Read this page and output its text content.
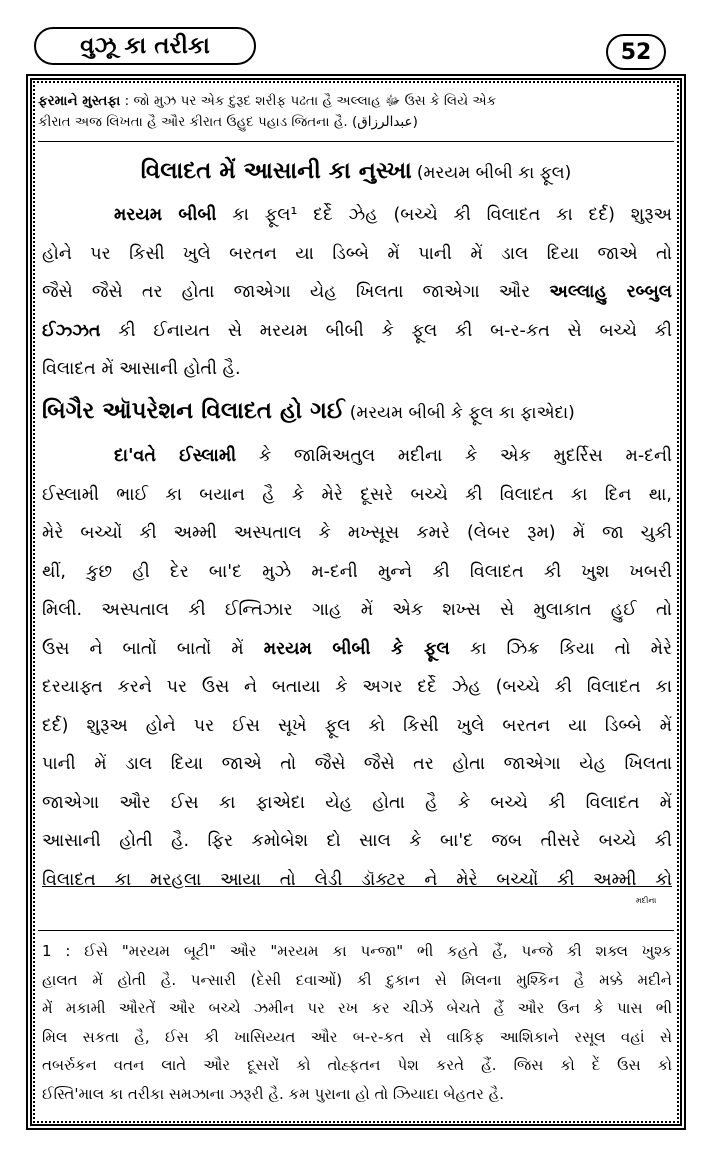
વુઝૂ કા તરીકા	52
ફરમાને મુસ્તફા : જો મુઝ પર એક દુરૂદ શરીફ પઢતા હૈ અલ્લાહ ﷻ ઉસ કે લિયે એક
કીરાત અજ લિખતા હૈ ઔર કીરાત ઉહુદ પહાડ જિતના હૈ. (عبدالرزاق)
વિલાદત મેં આસાની કા નુસ્ખા (મરયમ બીબી કા ફૂલ)
મરયમ બીબી કા ફૂલ¹ દર્દે ઝેહ (બચ્ચે કી વિલાદત કા દર્દ) શુરૂઅ
હોને પર કિસી ખુલે બરતન યા ડિબ્બે મેં પાની મેં ડાલ દિયા જાએ તો
જૈસે જૈસે તર હોતા જાએગા યેહ ખિલતા જાએગા ઔર અલ્લાહુ રબ્બુલ
ઈઝ્ઝત કી ઈનાયત સે મરયમ બીબી કે ફૂલ કી બ-ર-કત સે બચ્ચે કી
વિલાદત મેં આસાની હોતી હૈ.
બિગૈર ઑપરેશન વિલાદત હો ગઈ (મરયમ બીબી કે ફૂલ કા ફાએદા)
દા'વતે ઈસ્લામી કે જામિઅતુલ મદીના કે એક મુદર્રિસ મ-દની
ઈસ્લામી ભાઈ કા બયાન હૈ કે મેરે દૂસરે બચ્ચે કી વિલાદત કા દિન થા,
મેરે બચ્ચોં કી અમ્મી અસ્પતાલ કે મખ્સૂસ કમરે (લેબર રૂમ) મેં જા ચુકી
થીં, કુછ હી દેર બા'દ મુઝે મ-દની મુન્ને કી વિલાદત કી ખુશ ખબરી
મિલી. અસ્પતાલ કી ઈન્તિઝાર ગાહ મેં એક શખ્સ સે મુલાકાત હુઈ તો
ઉસ ને બાતોં બાતોં મેં મરયમ બીબી કે ફૂલ કા ઝિક્ર કિયા તો મેરે
દરયાફ્ત કરને પર ઉસ ને બતાયા કે અગર દર્દે ઝેહ (બચ્ચે કી વિલાદત કા
દર્દ) શુરૂઅ હોને પર ઈસ સૂખે ફૂલ કો કિસી ખુલે બરતન યા ડિબ્બે મેં
પાની મેં ડાલ દિયા જાએ તો જૈસે જૈસે તર હોતા જાએગા યેહ ખિલતા
જાએગા ઔર ઈસ કા ફાએદા યેહ હોતા હૈ કે બચ્ચે કી વિલાદત મેં
આસાની હોતી હૈ. ફિર કમોબેશ દો સાલ કે બા'દ જબ તીસરે બચ્ચે કી
વિલાદત કા મરહલા આયા તો લેડી ડૉક્ટર ને મેરે બચ્ચોં કી અમ્મી કો
મદીના
1 : ઈસે "મરયમ બૂટી" ઔર "મરયમ કા પન્જા" ભી કહતે હૈં, પન્જે કી શક્લ ખુશ્ક
હાલત મેં હોતી હૈ. પન્સારી (દેસી દવાઓં) કી દુકાન સે મિલના મુશ્કિન હૈ મક્કે મદીને
મેં મકામી ઔરતેં ઔર બચ્ચે ઝમીન પર રખ કર ચીઝેં બેચતે હૈં ઔર ઉન કે પાસ ભી
મિલ સકતા હૈ, ઈસ કી ખાસિય્યત ઔર બ-ર-કત સે વાકિફ આશિકાને રસૂલ વહાં સે
તબર્રુકન વતન લાતે ઔર દૂસરોં કો તોહ્ફતન પેશ કરતે હૈં. જિસ કો દેં ઉસ કો
ઈસ્તિ'માલ કા તરીકા સમઝાના ઝરૂરી હૈ. કમ પુરાના હો તો ઝિયાદા બેહતર હૈ.
